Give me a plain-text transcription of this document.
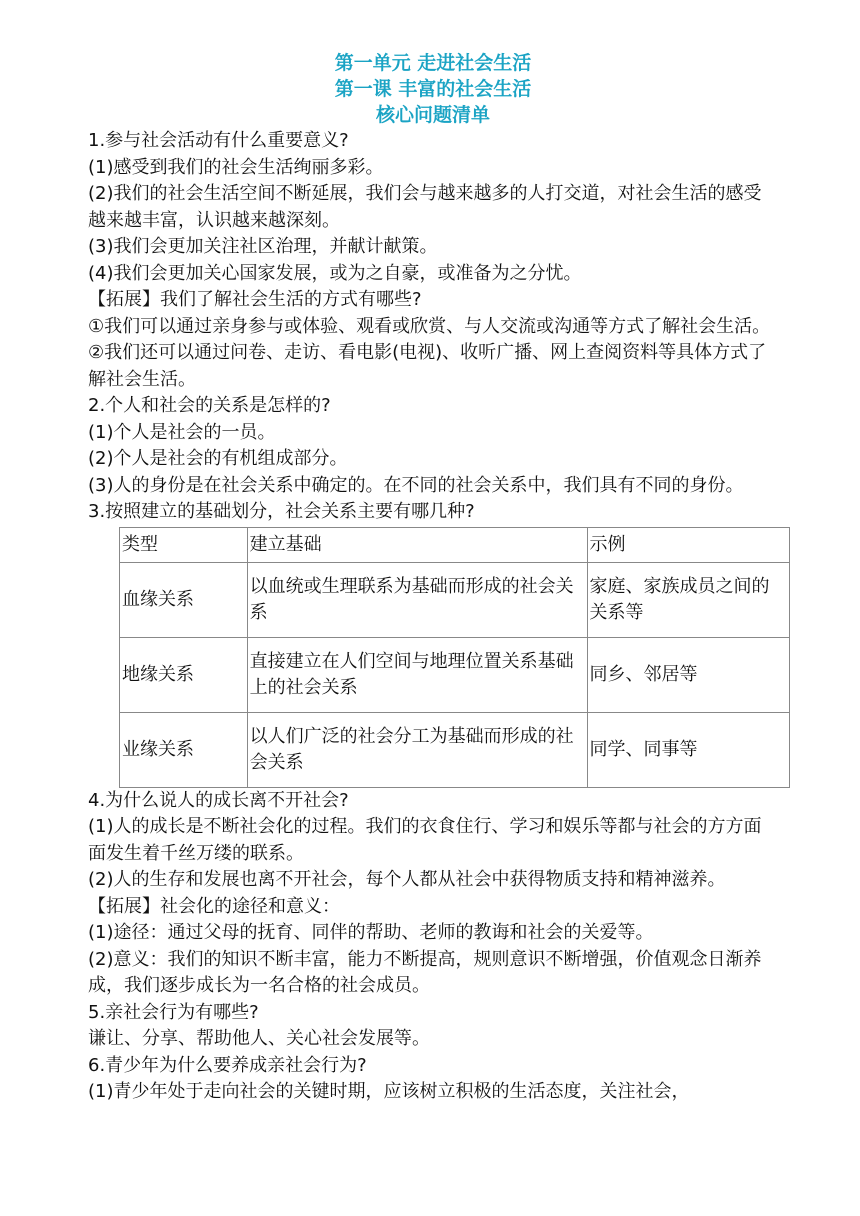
第一单元 走进社会生活
第一课 丰富的社会生活
核心问题清单

1.参与社会活动有什么重要意义?

(1)感受到我们的社会生活绚丽多彩。

(2)我们的社会生活空间不断延展，我们会与越来越多的人打交道，对社会生活的感受越来越丰富，认识越来越深刻。

(3)我们会更加关注社区治理，并献计献策。

(4)我们会更加关心国家发展，或为之自豪，或准备为之分忧。

【拓展】我们了解社会生活的方式有哪些?

①我们可以通过亲身参与或体验、观看或欣赏、与人交流或沟通等方式了解社会生活。②我们还可以通过问卷、走访、看电影(电视)、收听广播、网上查阅资料等具体方式了解社会生活。

2.个人和社会的关系是怎样的?

(1)个人是社会的一员。

(2)个人是社会的有机组成部分。

(3)人的身份是在社会关系中确定的。在不同的社会关系中，我们具有不同的身份。

3.按照建立的基础划分，社会关系主要有哪几种?

类型	建立基础	示例
血缘关系	以血统或生理联系为基础而形成的社会关系	家庭、家族成员之间的关系等
地缘关系	直接建立在人们空间与地理位置关系基础上的社会关系	同乡、邻居等
业缘关系	以人们广泛的社会分工为基础而形成的社会关系	同学、同事等

4.为什么说人的成长离不开社会?

(1)人的成长是不断社会化的过程。我们的衣食住行、学习和娱乐等都与社会的方方面面发生着千丝万缕的联系。

(2)人的生存和发展也离不开社会，每个人都从社会中获得物质支持和精神滋养。

【拓展】社会化的途径和意义：

(1)途径：通过父母的抚育、同伴的帮助、老师的教诲和社会的关爱等。

(2)意义：我们的知识不断丰富，能力不断提高，规则意识不断增强，价值观念日渐养成，我们逐步成长为一名合格的社会成员。

5.亲社会行为有哪些?

谦让、分享、帮助他人、关心社会发展等。

6.青少年为什么要养成亲社会行为?

(1)青少年处于走向社会的关键时期，应该树立积极的生活态度，关注社会，
